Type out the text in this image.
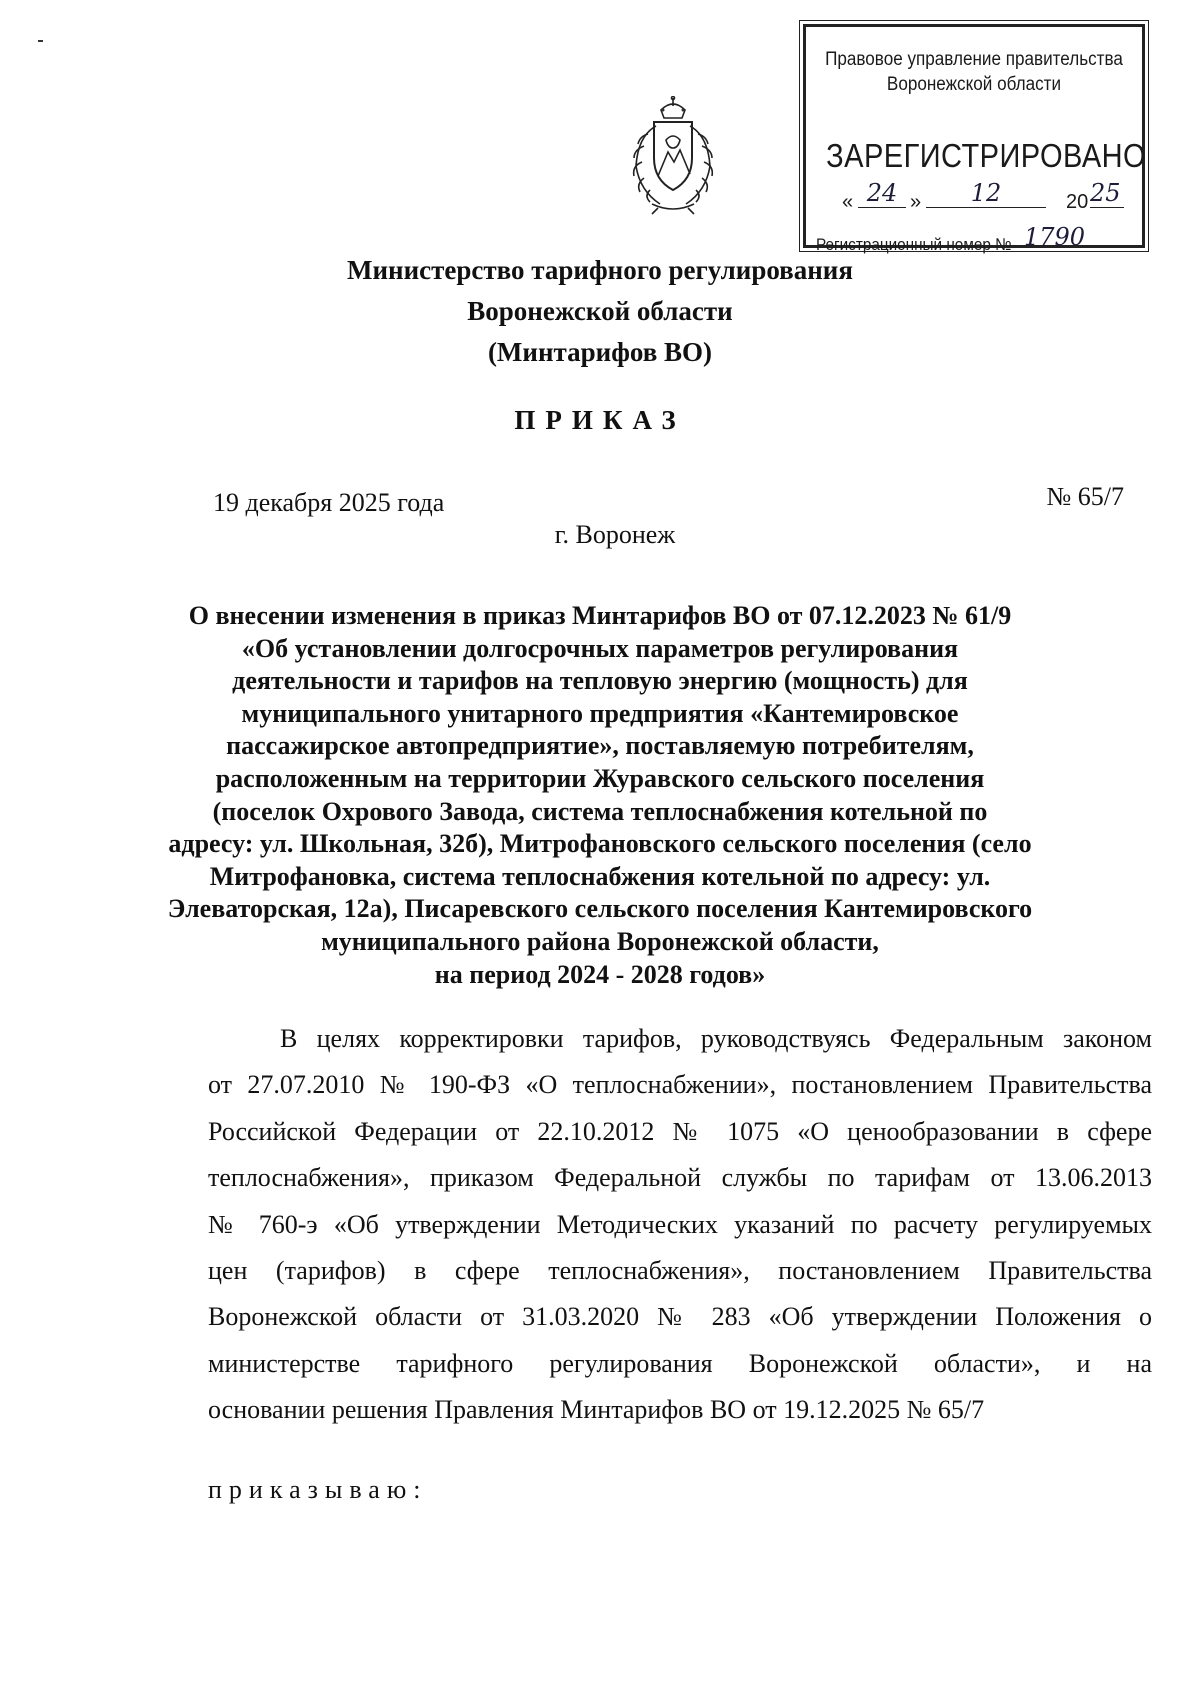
Правовое управление правительства
Воронежской области
ЗАРЕГИСТРИРОВАНО
« 24 »	12	20 25
Регистрационный номер № 1790
Министерство тарифного регулирования
Воронежской области
(Минтарифов ВО)
ПРИКАЗ
19 декабря 2025 года	№ 65/7
г. Воронеж
О внесении изменения в приказ Минтарифов ВО от 07.12.2023 № 61/9
«Об установлении долгосрочных параметров регулирования
деятельности и тарифов на тепловую энергию (мощность) для
муниципального унитарного предприятия «Кантемировское
пассажирское автопредприятие», поставляемую потребителям,
расположенным на территории Журавского сельского поселения
(поселок Охрового Завода, система теплоснабжения котельной по
адресу: ул. Школьная, 32б), Митрофановского сельского поселения (село
Митрофановка, система теплоснабжения котельной по адресу: ул.
Элеваторская, 12а), Писаревского сельского поселения Кантемировского
муниципального района Воронежской области,
на период 2024 - 2028 годов»
В целях корректировки тарифов, руководствуясь Федеральным законом
от 27.07.2010 № 190-ФЗ «О теплоснабжении», постановлением Правительства
Российской Федерации от 22.10.2012 № 1075 «О ценообразовании в сфере
теплоснабжения», приказом Федеральной службы по тарифам от 13.06.2013
№ 760-э «Об утверждении Методических указаний по расчету регулируемых
цен (тарифов) в сфере теплоснабжения», постановлением Правительства
Воронежской области от 31.03.2020 № 283 «Об утверждении Положения о
министерстве тарифного регулирования Воронежской области», и на
основании решения Правления Минтарифов ВО от 19.12.2025 № 65/7
приказываю:
